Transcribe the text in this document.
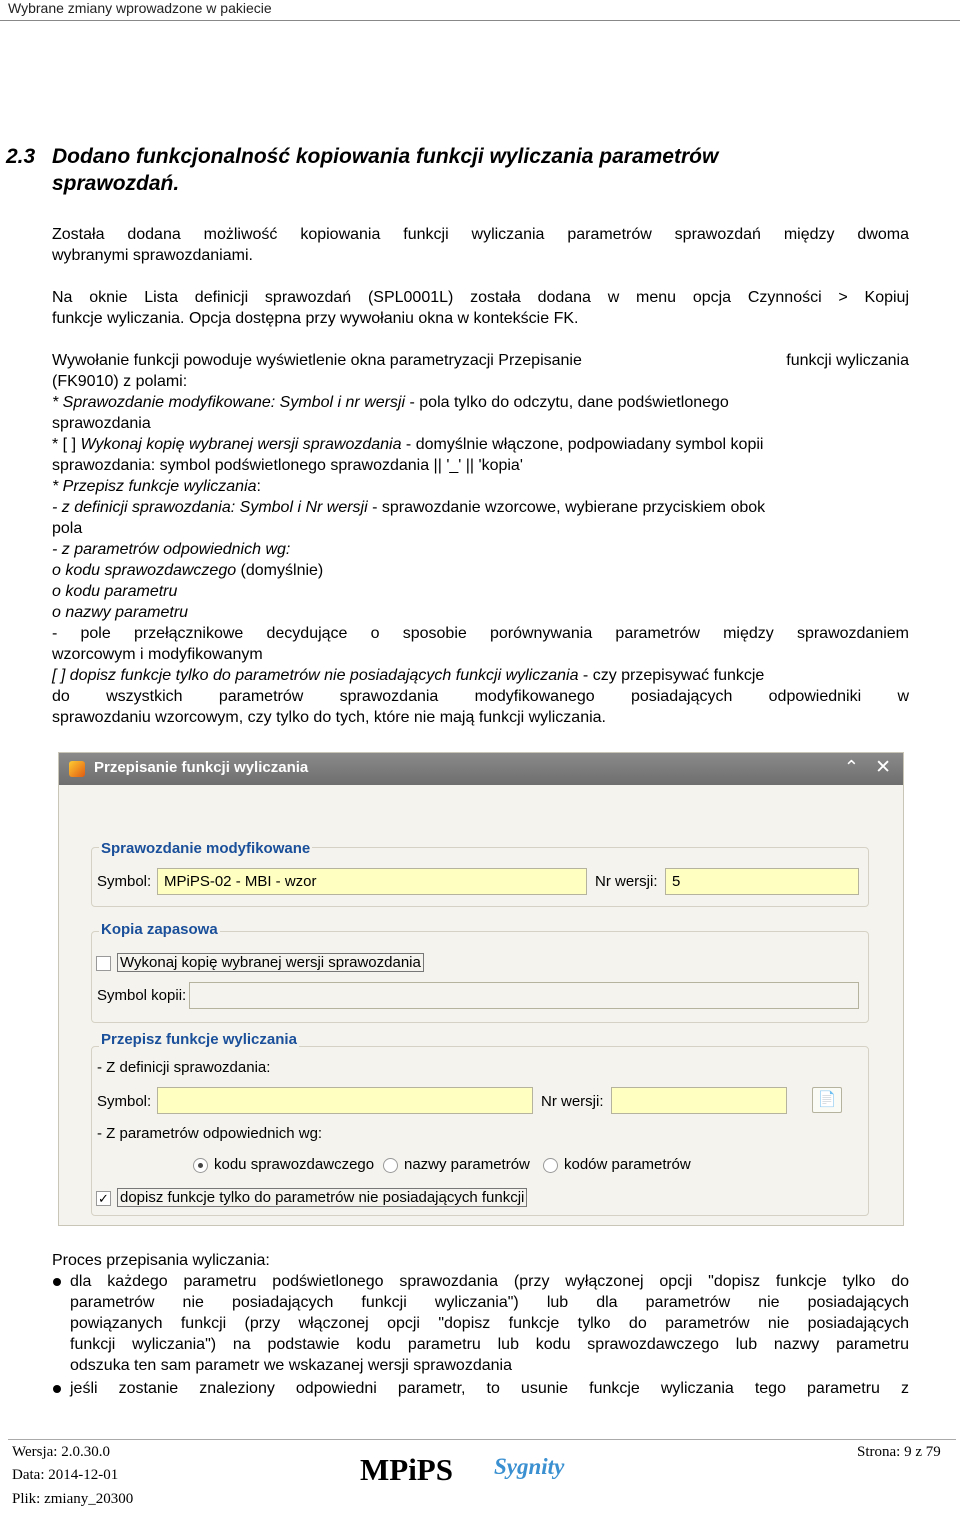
Wybrane zmiany wprowadzone w pakiecie
2.3 Dodano funkcjonalność kopiowania funkcji wyliczania parametrów
sprawozdań.
Została dodana możliwość kopiowania funkcji wyliczania parametrów sprawozdań między dwoma
wybranymi sprawozdaniami.
Na oknie Lista definicji sprawozdań (SPL0001L) została dodana w menu opcja Czynności > Kopiuj
funkcje wyliczania. Opcja dostępna przy wywołaniu okna w kontekście FK.
Wywołanie funkcji powoduje wyświetlenie okna parametryzacji Przepisanie	funkcji wyliczania
(FK9010) z polami:
* Sprawozdanie modyfikowane: Symbol i nr wersji - pola tylko do odczytu, dane podświetlonego
sprawozdania
* [ ] Wykonaj kopię wybranej wersji sprawozdania - domyślnie włączone, podpowiadany symbol kopii
sprawozdania: symbol podświetlonego sprawozdania || '_' || 'kopia'
* Przepisz funkcje wyliczania:
- z definicji sprawozdania: Symbol i Nr wersji - sprawozdanie wzorcowe, wybierane przyciskiem obok
pola
- z parametrów odpowiednich wg:
o kodu sprawozdawczego (domyślnie)
o kodu parametru
o nazwy parametru
- pole przełącznikowe decydujące o sposobie porównywania parametrów między sprawozdaniem
wzorcowym i modyfikowanym
[ ] dopisz funkcje tylko do parametrów nie posiadających funkcji wyliczania - czy przepisywać funkcje
do wszystkich parametrów sprawozdania modyfikowanego posiadających odpowiedniki w
sprawozdaniu wzorcowym, czy tylko do tych, które nie mają funkcji wyliczania.
Przepisanie funkcji wyliczania	⌃ ✕
Sprawozdanie modyfikowane
Symbol: MPiPS-02 - MBI - wzor	Nr wersji: 5
Kopia zapasowa
Wykonaj kopię wybranej wersji sprawozdania
Symbol kopii:
Przepisz funkcje wyliczania
- Z definicji sprawozdania:
Symbol:	Nr wersji:	📄
- Z parametrów odpowiednich wg:
kodu sprawozdawczego nazwy parametrów kodów parametrów
✓ dopisz funkcje tylko do parametrów nie posiadających funkcji
Proces przepisania wyliczania:
dla każdego parametru podświetlonego sprawozdania (przy wyłączonej opcji "dopisz funkcje tylko do
parametrów nie posiadających funkcji wyliczania") lub dla parametrów nie posiadających
powiązanych funkcji (przy włączonej opcji "dopisz funkcje tylko do parametrów nie posiadających
funkcji wyliczania") na podstawie kodu parametru lub kodu sprawozdawczego lub nazwy parametru
odszuka ten sam parametr we wskazanej wersji sprawozdania
jeśli zostanie znaleziony odpowiedni parametr, to usunie funkcje wyliczania tego parametru z
Wersja: 2.0.30.0
Data: 2014-12-01
Plik: zmiany_20300
MPiPS Sygnity
Strona: 9 z 79
